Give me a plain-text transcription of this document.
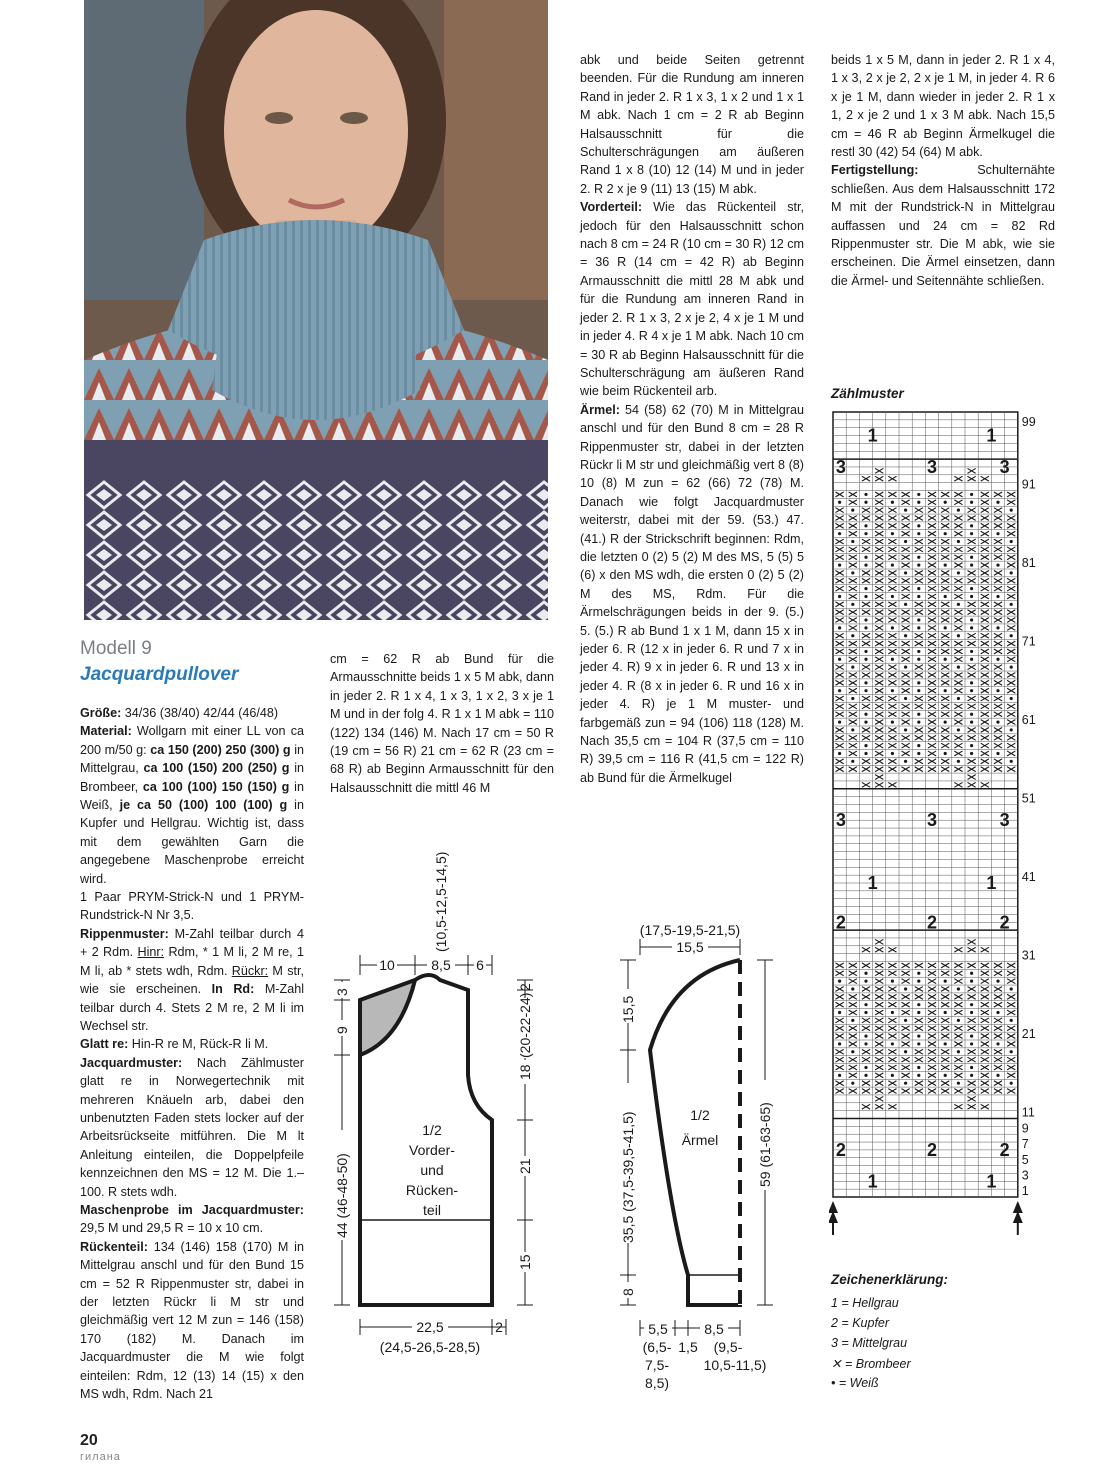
Modell 9
Jacquardpullover

Größe: 34/36 (38/40) 42/44 (46/48)

Material: Wollgarn mit einer LL von ca 200 m/50 g: ca 150 (200) 250 (300) g in Mittelgrau, ca 100 (150) 200 (250) g in Brombeer, ca 100 (100) 150 (150) g in Weiß, je ca 50 (100) 100 (100) g in Kupfer und Hellgrau. Wichtig ist, dass mit dem gewählten Garn die angegebene Maschenprobe erreicht wird.

1 Paar PRYM-Strick-N und 1 PRYM-Rundstrick-N Nr 3,5.

Rippenmuster: M-Zahl teilbar durch 4 + 2 Rdm. Hinr: Rdm, * 1 M li, 2 M re, 1 M li, ab * stets wdh, Rdm. Rückr: M str, wie sie erscheinen. In Rd: M-Zahl teilbar durch 4. Stets 2 M re, 2 M li im Wechsel str.

Glatt re: Hin-R re M, Rück-R li M.

Jacquardmuster: Nach Zählmuster glatt re in Norwegertechnik mit mehreren Knäueln arb, dabei den unbenutzten Faden stets locker auf der Arbeitsrückseite mitführen. Die M lt Anleitung einteilen, die Doppelpfeile kennzeichnen den MS = 12 M. Die 1.–100. R stets wdh.

Maschenprobe im Jacquardmuster: 29,5 M und 29,5 R = 10 x 10 cm.

Rückenteil: 134 (146) 158 (170) M in Mittelgrau anschl und für den Bund 15 cm = 52 R Rippenmuster str, dabei in der letzten Rückr li M str und gleichmäßig vert 12 M zun = 146 (158) 170 (182) M. Danach im Jacquardmuster die M wie folgt einteilen: Rdm, 12 (13) 14 (15) x den MS wdh, Rdm. Nach 21

cm = 62 R ab Bund für die Armausschnitte beids 1 x 5 M abk, dann in jeder 2. R 1 x 4, 1 x 3, 1 x 2, 3 x je 1 M und in der folg 4. R 1 x 1 M abk = 110 (122) 134 (146) M. Nach 17 cm = 50 R (19 cm = 56 R) 21 cm = 62 R (23 cm = 68 R) ab Beginn Armausschnitt für den Halsausschnitt die mittl 46 M

abk und beide Seiten getrennt beenden. Für die Rundung am inneren Rand in jeder 2. R 1 x 3, 1 x 2 und 1 x 1 M abk. Nach 1 cm = 2 R ab Beginn Halsausschnitt für die Schulterschrägungen am äußeren Rand 1 x 8 (10) 12 (14) M und in jeder 2. R 2 x je 9 (11) 13 (15) M abk.

Vorderteil: Wie das Rückenteil str, jedoch für den Halsausschnitt schon nach 8 cm = 24 R (10 cm = 30 R) 12 cm = 36 R (14 cm = 42 R) ab Beginn Armausschnitt die mittl 28 M abk und für die Rundung am inneren Rand in jeder 2. R 1 x 3, 2 x je 2, 4 x je 1 M und in jeder 4. R 4 x je 1 M abk. Nach 10 cm = 30 R ab Beginn Halsausschnitt für die Schulterschrägung am äußeren Rand wie beim Rückenteil arb.

Ärmel: 54 (58) 62 (70) M in Mittelgrau anschl und für den Bund 8 cm = 28 R Rippenmuster str, dabei in der letzten Rückr li M str und gleichmäßig vert 8 (8) 10 (8) M zun = 62 (66) 72 (78) M. Danach wie folgt Jacquardmuster weiterstr, dabei mit der 59. (53.) 47. (41.) R der Strickschrift beginnen: Rdm, die letzten 0 (2) 5 (2) M des MS, 5 (5) 5 (6) x den MS wdh, die ersten 0 (2) 5 (2) M des MS, Rdm. Für die Ärmelschrägungen beids in der 9. (5.) 5. (5.) R ab Bund 1 x 1 M, dann 15 x in jeder 6. R (12 x in jeder 6. R und 7 x in jeder 4. R) 9 x in jeder 6. R und 13 x in jeder 4. R (8 x in jeder 6. R und 16 x in jeder 4. R) je 1 M muster- und farbgemäß zun = 94 (106) 118 (128) M. Nach 35,5 cm = 104 R (37,5 cm = 110 R) 39,5 cm = 116 R (41,5 cm = 122 R) ab Bund für die Ärmelkugel

beids 1 x 5 M, dann in jeder 2. R 1 x 4, 1 x 3, 2 x je 2, 2 x je 1 M, in jeder 4. R 6 x je 1 M, dann wieder in jeder 2. R 1 x 1, 2 x je 2 und 1 x 3 M abk. Nach 15,5 cm = 46 R ab Beginn Ärmelkugel die restl 30 (42) 54 (64) M abk.

Fertigstellung: Schulternähte schließen. Aus dem Halsausschnitt 172 M mit der Rundstrick-N in Mittelgrau auffassen und 24 cm = 82 Rd Rippenmuster str. Die M abk, wie sie erscheinen. Die Ärmel einsetzen, dann die Ärmel- und Seitennähte schließen.

10	8,5 6
(10,5-12,5-14,5)
3
9
44 (46-48-50)
2
(20-22-24)
18
21
15
1/2
Vorder-
und
Rücken-
teil
22,5	2
(24,5-26,5-28,5)
(17,5-19,5-21,5)
15,5
15,5
35,5 (37,5-39,5-41,5)
8
59 (61-63-65)
1/2
Ärmel
5,5
(6,5-
7,5-
8,5)
1,5
8,5
(9,5-
10,5-11,5)
Zählmuster
1	1
3	3	3
3	3	3
1	1
2	2	2
2	2	2
1	1
99
91
81
71
61
51
41
31
21
11
9
7
5
3
1
Zeichenerklärung:
1 = Hellgrau
2 = Kupfer
3 = Mittelgrau
✕ = Brombeer
• = Weiß
20
гилана
